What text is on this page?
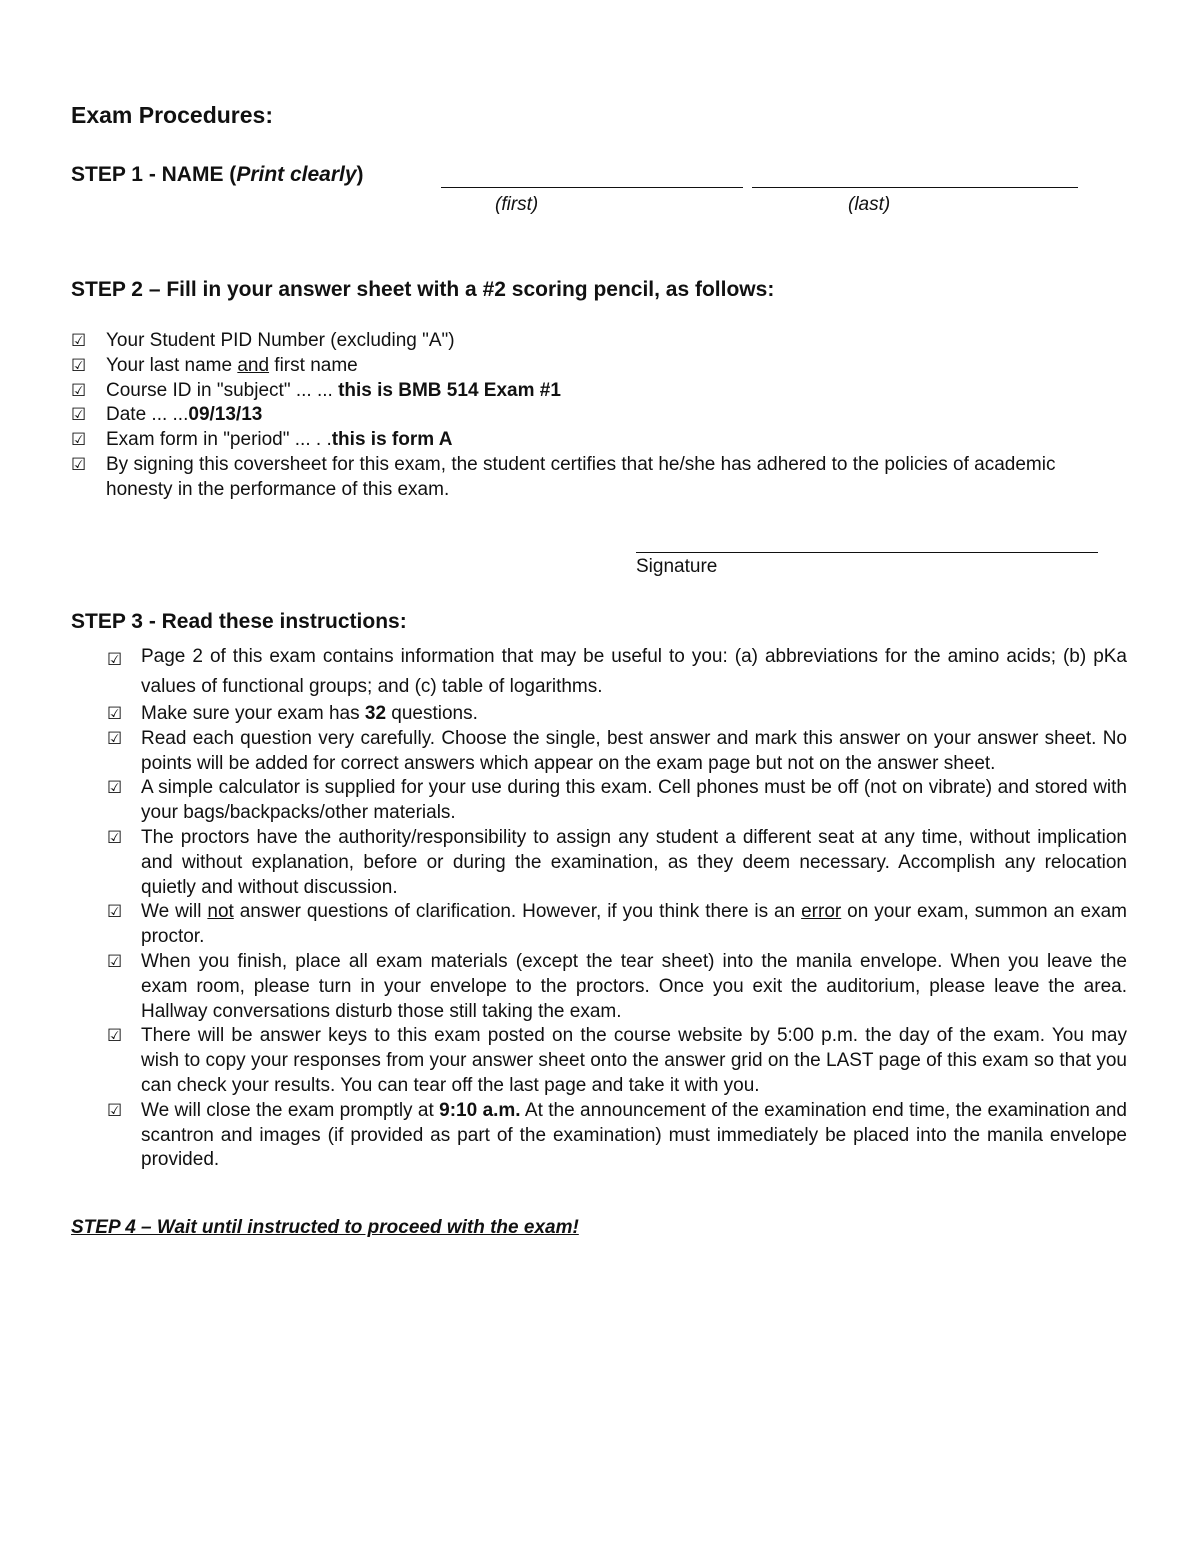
Exam Procedures:
STEP 1 - NAME (Print clearly)
(first)	(last)
STEP 2 – Fill in your answer sheet with a #2 scoring pencil, as follows:
☑ Your Student PID Number (excluding "A")
☑ Your last name and first name
☑ Course ID in "subject" ... ... this is BMB 514 Exam #1
☑ Date ... ...09/13/13
☑ Exam form in "period" ... . .this is form A
☑ By signing this coversheet for this exam, the student certifies that he/she has adhered to the policies of academic honesty in the performance of this exam.
Signature
STEP 3 - Read these instructions:
☑ Page 2 of this exam contains information that may be useful to you: (a) abbreviations for the amino acids; (b) pKa values of functional groups; and (c) table of logarithms.
☑ Make sure your exam has 32 questions.
☑ Read each question very carefully. Choose the single, best answer and mark this answer on your answer sheet. No points will be added for correct answers which appear on the exam page but not on the answer sheet.
☑ A simple calculator is supplied for your use during this exam. Cell phones must be off (not on vibrate) and stored with your bags/backpacks/other materials.
☑ The proctors have the authority/responsibility to assign any student a different seat at any time, without implication and without explanation, before or during the examination, as they deem necessary. Accomplish any relocation quietly and without discussion.
☑ We will not answer questions of clarification. However, if you think there is an error on your exam, summon an exam proctor.
☑ When you finish, place all exam materials (except the tear sheet) into the manila envelope. When you leave the exam room, please turn in your envelope to the proctors. Once you exit the auditorium, please leave the area. Hallway conversations disturb those still taking the exam.
☑ There will be answer keys to this exam posted on the course website by 5:00 p.m. the day of the exam. You may wish to copy your responses from your answer sheet onto the answer grid on the LAST page of this exam so that you can check your results. You can tear off the last page and take it with you.
☑ We will close the exam promptly at 9:10 a.m. At the announcement of the examination end time, the examination and scantron and images (if provided as part of the examination) must immediately be placed into the manila envelope provided.
STEP 4 – Wait until instructed to proceed with the exam!
